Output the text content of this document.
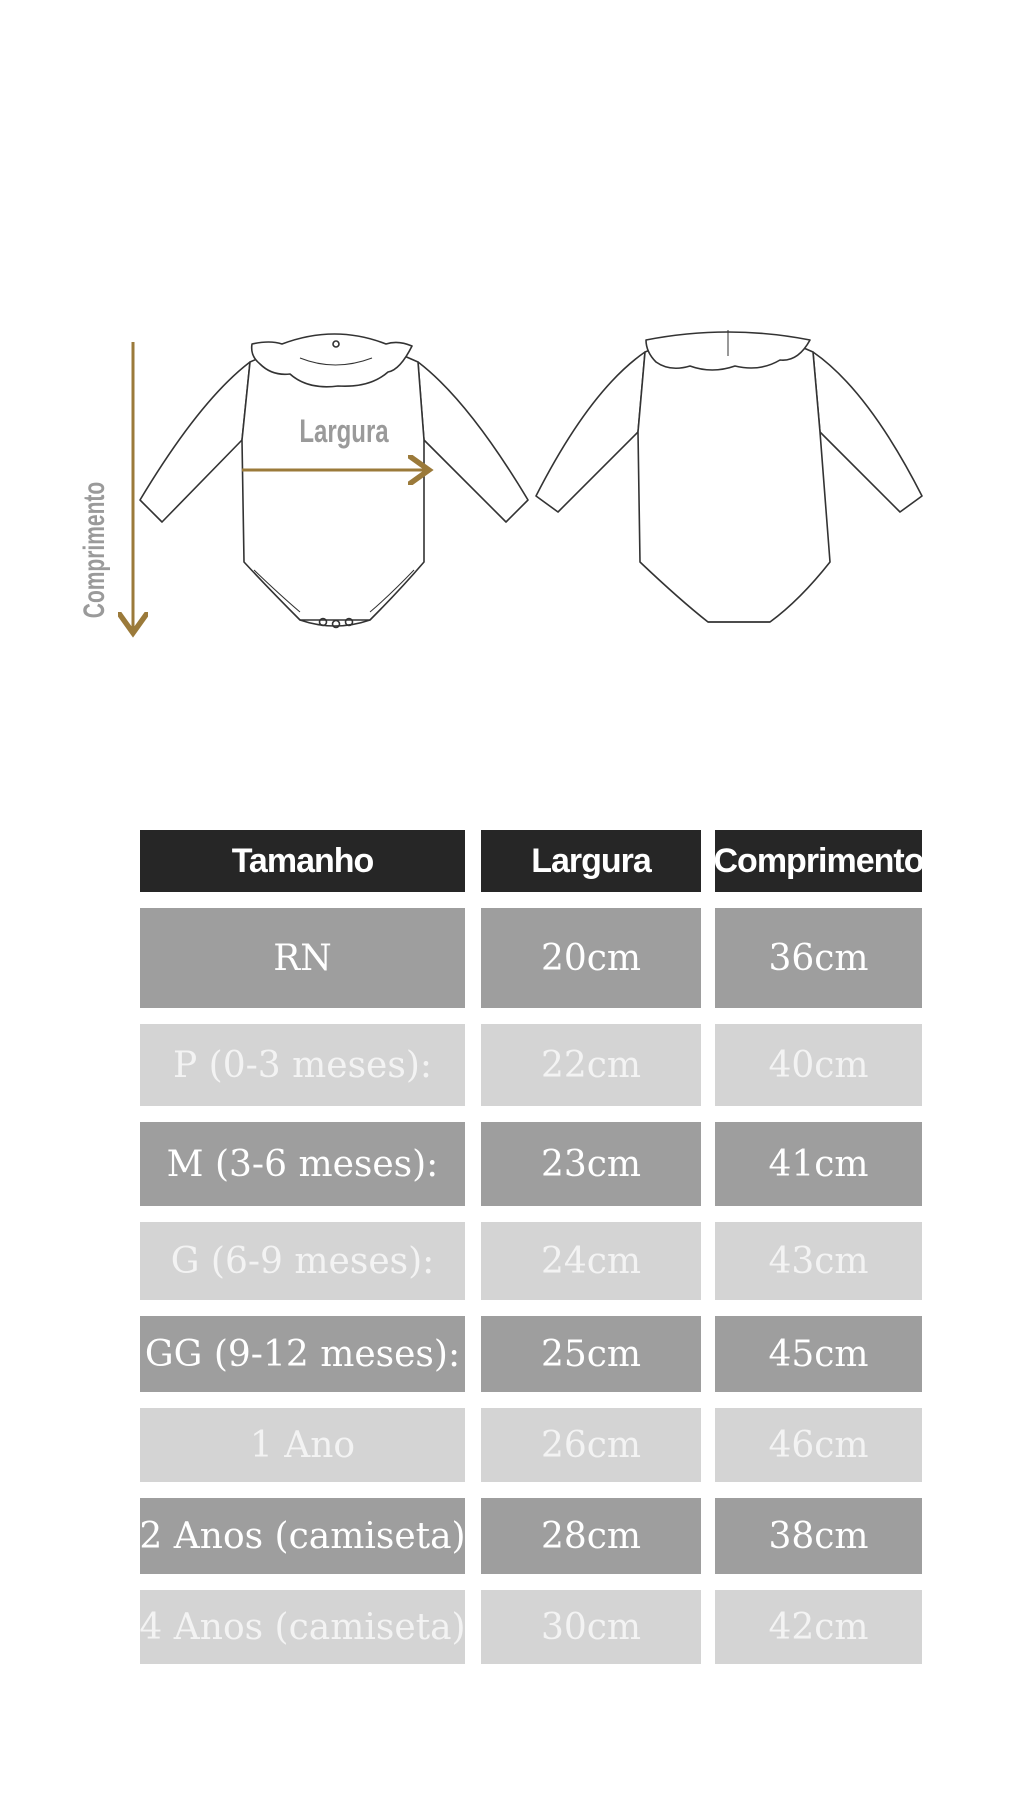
Comprimento
Largura
Tamanho	Largura	Comprimento
RN	20cm	36cm
P (0-3 meses):	22cm	40cm
M (3-6 meses):	23cm	41cm
G (6-9 meses):	24cm	43cm
GG (9-12 meses):	25cm	45cm
1 Ano	26cm	46cm
2 Anos (camiseta)	28cm	38cm
4 Anos (camiseta)	30cm	42cm
